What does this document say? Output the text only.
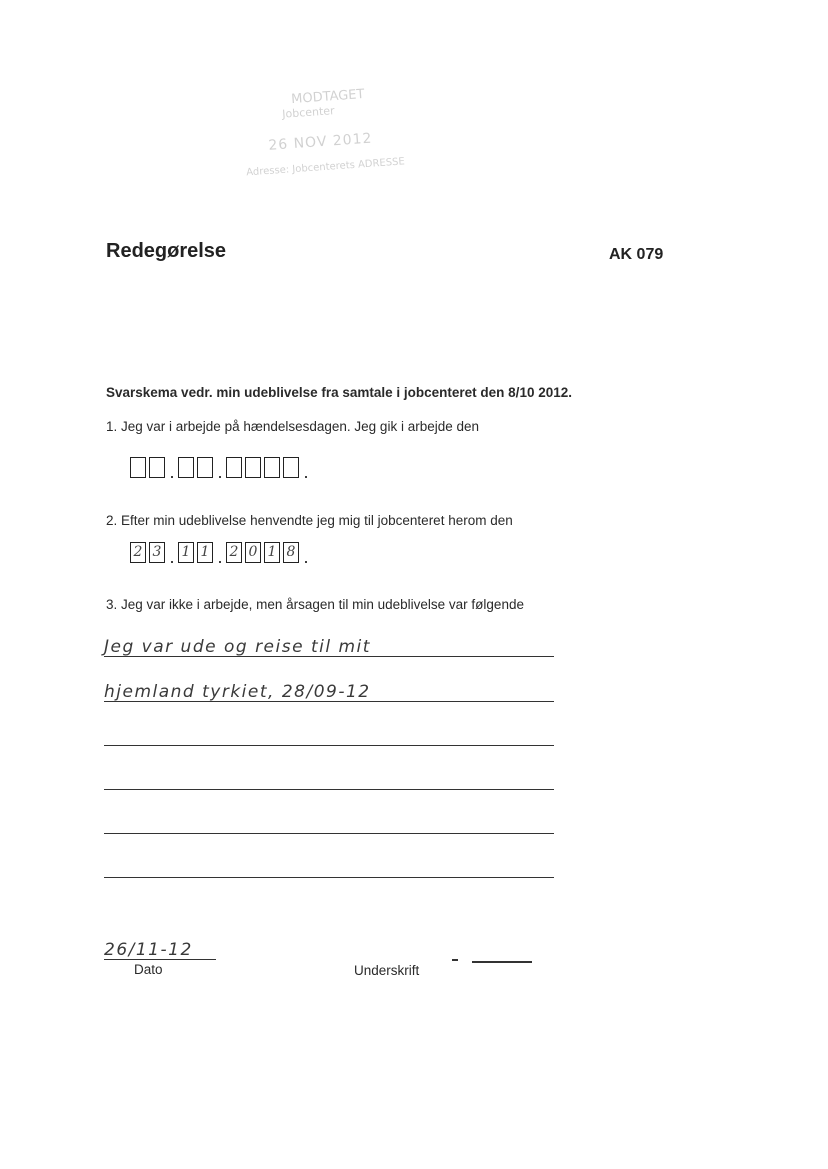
MODTAGET
Jobcenter
26 NOV 2012
Adresse: Jobcenterets ADRESSE
Redegørelse	AK 079
Svarskema vedr. min udeblivelse fra samtale i jobcenteret den 8/10 2012.
1. Jeg var i arbejde på hændelsesdagen. Jeg gik i arbejde den
. .	.
2. Efter min udeblivelse henvendte jeg mig til jobcenteret herom den
2 3 . 1 1 . 2 0 1 8 .
3. Jeg var ikke i arbejde, men årsagen til min udeblivelse var følgende
Jeg var ude og reise til mit
hjemland tyrkiet, 28/09-12
26/11-12
Dato	Underskrift
